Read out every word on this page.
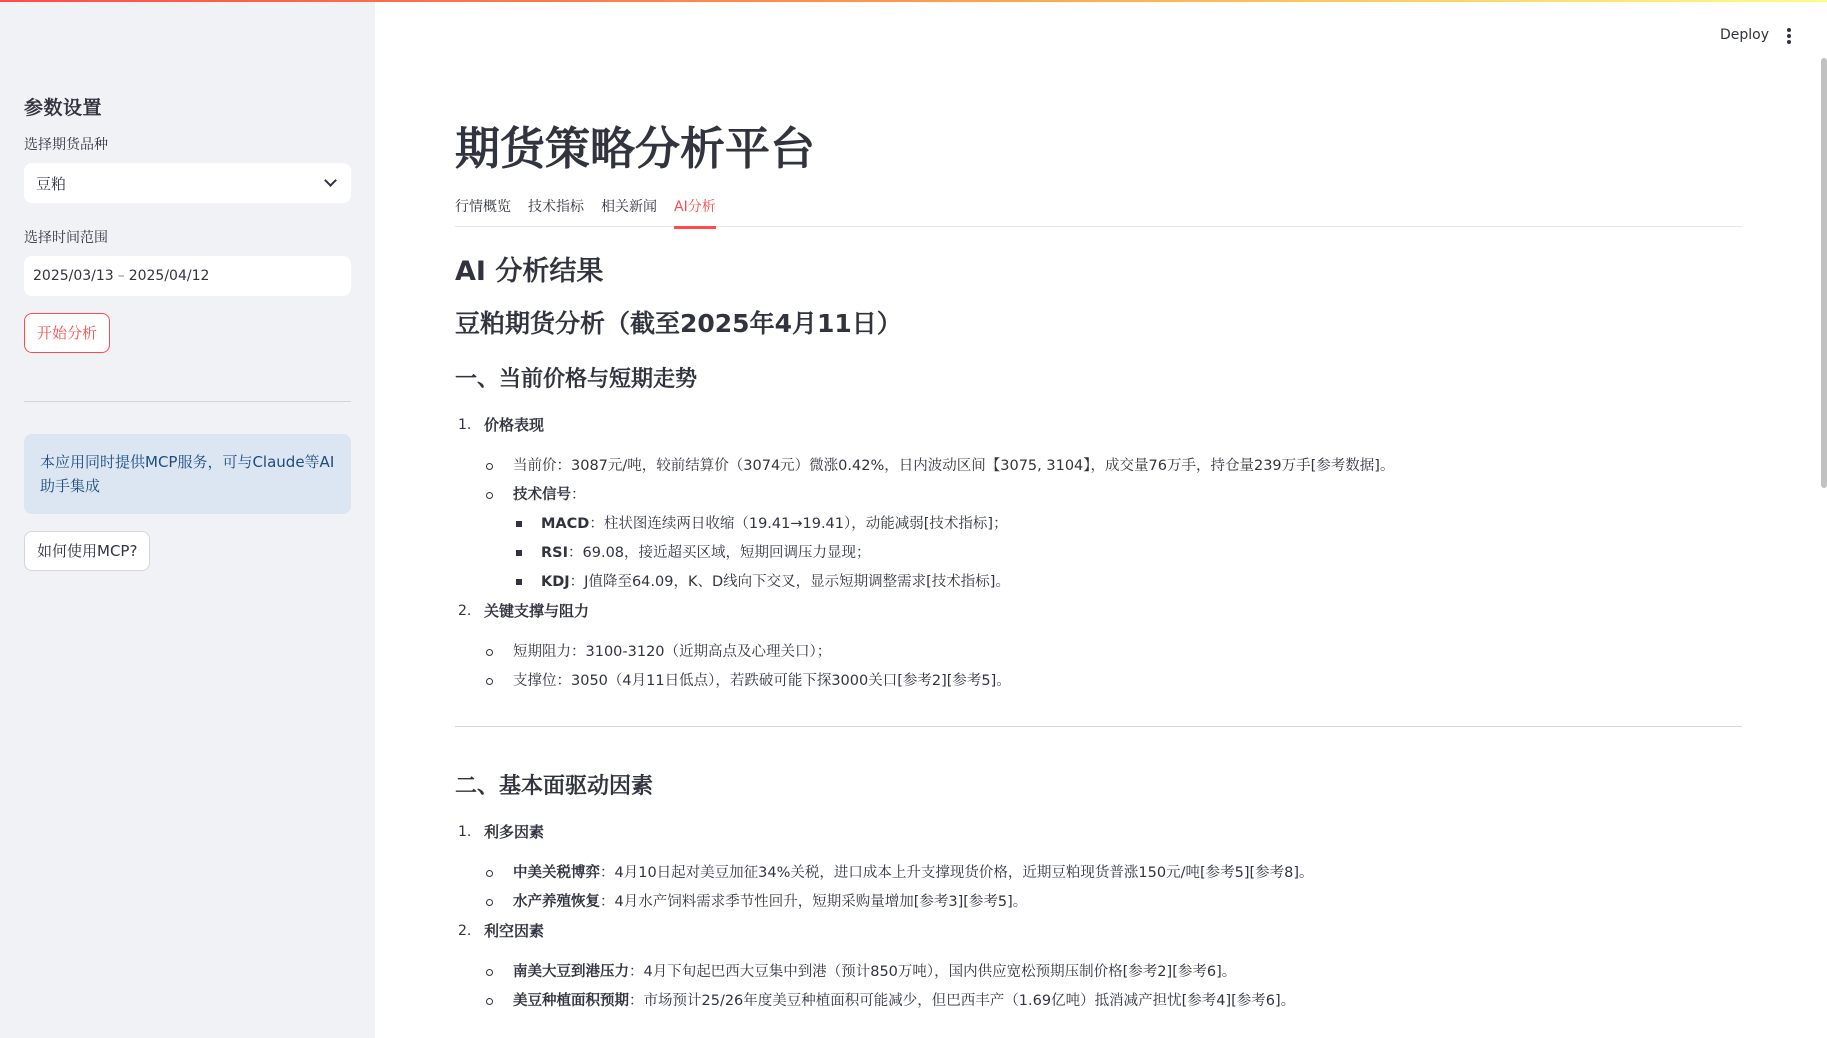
参数设置
选择期货品种
豆粕
选择时间范围
2025/03/13 – 2025/04/12
开始分析
本应用同时提供MCP服务，可与Claude等AI助手集成
如何使用MCP?
Deploy
期货策略分析平台
行情概览 技术指标 相关新闻 AI分析
AI 分析结果
豆粕期货分析（截至2025年4月11日）
一、当前价格与短期走势
1. 价格表现
当前价：3087元/吨，较前结算价（3074元）微涨0.42%，日内波动区间【3075, 3104】，成交量76万手，持仓量239万手[参考数据]。
技术信号：
MACD：柱状图连续两日收缩（19.41→19.41），动能减弱[技术指标]；
RSI：69.08，接近超买区域，短期回调压力显现；
KDJ：J值降至64.09，K、D线向下交叉，显示短期调整需求[技术指标]。
2. 关键支撑与阻力
短期阻力：3100-3120（近期高点及心理关口）；
支撑位：3050（4月11日低点），若跌破可能下探3000关口[参考2][参考5]。
二、基本面驱动因素
1. 利多因素
中美关税博弈：4月10日起对美豆加征34%关税，进口成本上升支撑现货价格，近期豆粕现货普涨150元/吨[参考5][参考8]。
水产养殖恢复：4月水产饲料需求季节性回升，短期采购量增加[参考3][参考5]。
2. 利空因素
南美大豆到港压力：4月下旬起巴西大豆集中到港（预计850万吨），国内供应宽松预期压制价格[参考2][参考6]。
美豆种植面积预期：市场预计25/26年度美豆种植面积可能减少，但巴西丰产（1.69亿吨）抵消减产担忧[参考4][参考6]。
